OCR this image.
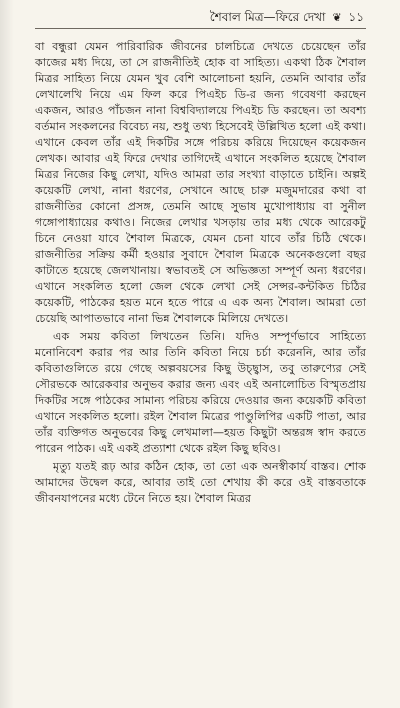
শৈবাল মিত্র—ফিরে দেখা ❦ ১১

বা বন্ধুরা যেমন পারিবারিক জীবনের চালচিত্রে দেখতে চেয়েছেন তাঁর কাজের মধ্য দিয়ে, তা সে রাজনীতিই হোক বা সাহিত্য। একথা ঠিক শৈবাল মিত্রর সাহিত্য নিয়ে যেমন খুব বেশি আলোচনা হয়নি, তেমনি আবার তাঁর লেখালেখি নিয়ে এম ফিল করে পিএইচ ডি-র জন্য গবেষণা করছেন একজন, আরও পাঁচজন নানা বিশ্ববিদ্যালয়ে পিএইচ ডি করছেন। তা অবশ্য বর্তমান সংকলনের বিবেচ্য নয়, শুধু তথ্য হিসেবেই উল্লিখিত হলো এই কথা। এখানে কেবল তাঁর এই দিকটির সঙ্গে পরিচয় করিয়ে দিয়েছেন কয়েকজন লেখক। আবার এই ফিরে দেখার তাগিদেই এখানে সংকলিত হয়েছে শৈবাল মিত্রর নিজের কিছু লেখা, যদিও আমরা তার সংখ্যা বাড়াতে চাইনি। অল্পই কয়েকটি লেখা, নানা ধরণের, সেখানে আছে চারু মজুমদারের কথা বা রাজনীতির কোনো প্রসঙ্গ, তেমনি আছে সুভাষ মুখোপাধ্যায় বা সুনীল গঙ্গোপাধ্যায়ের কথাও। নিজের লেখার খসড়ায় তার মধ্য থেকে আরেকটু চিনে নেওয়া যাবে শৈবাল মিত্রকে, যেমন চেনা যাবে তাঁর চিঠি থেকে। রাজনীতির সক্রিয় কর্মী হওয়ার সুবাদে শৈবাল মিত্রকে অনেকগুলো বছর কাটাতে হয়েছে জেলখানায়। স্বভাবতই সে অভিজ্ঞতা সম্পূর্ণ অন্য ধরণের। এখানে সংকলিত হলো জেল থেকে লেখা সেই সেন্সর-কন্টকিত চিঠির কয়েকটি, পাঠকের হয়ত মনে হতে পারে এ এক অন্য শৈবাল। আমরা তো চেয়েছি আপাতভাবে নানা ভিন্ন শৈবালকে মিলিয়ে দেখতে।

এক সময় কবিতা লিখতেন তিনি। যদিও সম্পূর্ণভাবে সাহিত্যে মনোনিবেশ করার পর আর তিনি কবিতা নিয়ে চর্চা করেননি, আর তাঁর কবিতাগুলিতে রয়ে গেছে অল্পবয়সের কিছু উচ্ছ্বাস, তবু তারুণ্যের সেই সৌরভকে আরেকবার অনুভব করার জন্য এবং এই অনালোচিত বিস্মৃতপ্রায় দিকটির সঙ্গে পাঠকের সামান্য পরিচয় করিয়ে দেওয়ার জন্য কয়েকটি কবিতা এখানে সংকলিত হলো। রইল শৈবাল মিত্রের পাণ্ডুলিপির একটি পাতা, আর তাঁর ব্যক্তিগত অনুভবের কিছু লেখমালা—হয়ত কিছুটা অন্তরঙ্গ স্বাদ করতে পারেন পাঠক। এই একই প্রত্যাশা থেকে রইল কিছু ছবিও।

মৃত্যু যতই রূঢ় আর কঠিন হোক, তা তো এক অনস্বীকার্য বাস্তব। শোক আমাদের উদ্বেল করে, আবার তাই তো শেখায় কী করে ওই বাস্তবতাকে জীবনযাপনের মধ্যে টেনে নিতে হয়। শৈবাল মিত্রর
